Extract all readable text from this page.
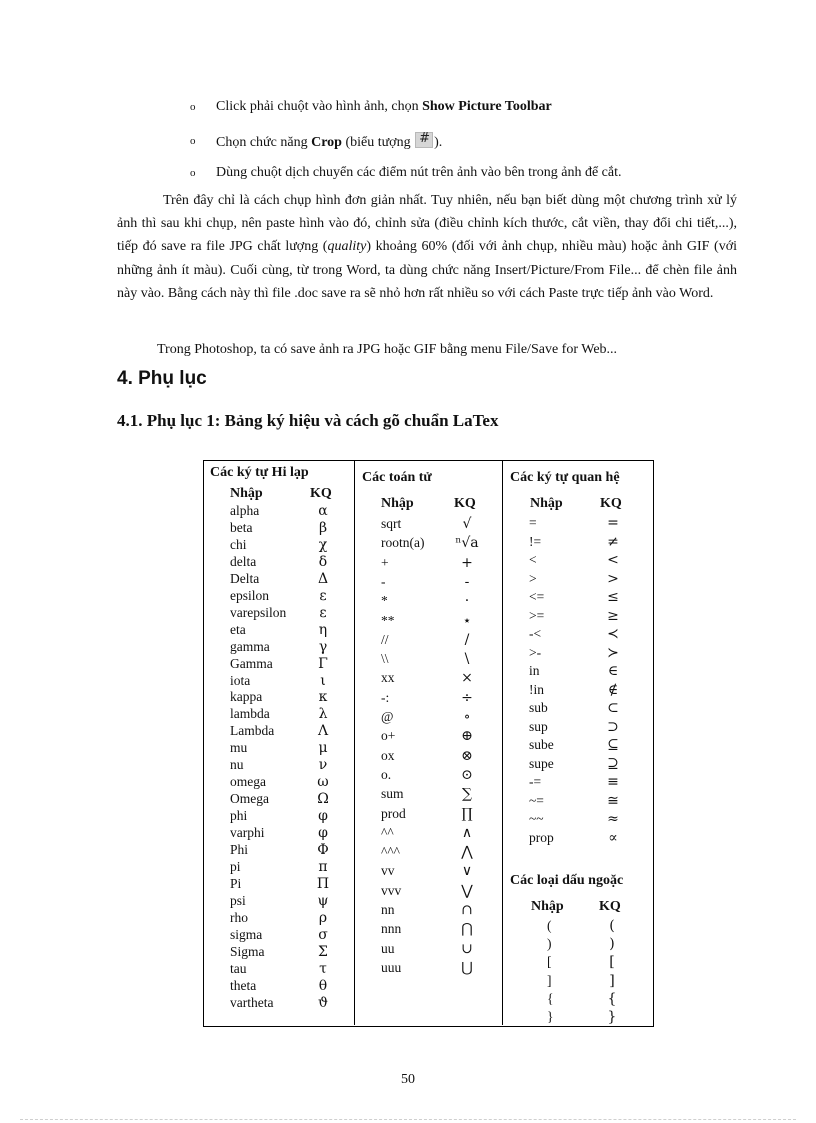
o Click phải chuột vào hình ảnh, chọn Show Picture Toolbar
o Chọn chức năng Crop (biểu tượng #).
o Dùng chuột dịch chuyển các điểm nút trên ảnh vào bên trong ảnh để cắt.

Trên đây chỉ là cách chụp hình đơn giản nhất. Tuy nhiên, nếu bạn biết dùng một chương trình xử lý ảnh thì sau khi chụp, nên paste hình vào đó, chỉnh sửa (điều chỉnh kích thước, cắt viền, thay đổi chi tiết,...), tiếp đó save ra file JPG chất lượng (quality) khoảng 60% (đối với ảnh chụp, nhiều màu) hoặc ảnh GIF (với những ảnh ít màu). Cuối cùng, từ trong Word, ta dùng chức năng Insert/Picture/From File... để chèn file ảnh này vào. Bằng cách này thì file .doc save ra sẽ nhỏ hơn rất nhiều so với cách Paste trực tiếp ảnh vào Word.

Trong Photoshop, ta có save ảnh ra JPG hoặc GIF bằng menu File/Save for Web...

4. Phụ lục
4.1. Phụ lục 1: Bảng ký hiệu và cách gõ chuẩn LaTex
Các ký tự Hi lạp
Nhập	KQ
alpha	α
beta	β
chi	χ
delta	δ
Delta	Δ
epsilon	ε
varepsilon	ε
eta	η
gamma	γ
Gamma	Γ
iota	ι
kappa	κ
lambda	λ
Lambda	Λ
mu	μ
nu	ν
omega	ω
Omega	Ω
phi	φ
varphi	φ
Phi	Φ
pi	π
Pi	Π
psi	ψ
rho	ρ
sigma	σ
Sigma	Σ
tau	τ
theta	θ
vartheta	ϑ
Các toán tử
Nhập	KQ
sqrt	√
rootn(a) ⁿ√a
+	+
-	-
*	·
**	⋆
//	/
\\	\
xx	×
-:	÷
@	∘
o+	⊕
ox	⊗
o.	⊙
sum	∑
prod	∏
^^	∧
^^^	⋀
vv	∨
vvv	⋁
nn	∩
nnn	⋂
uu	∪
uuu	⋃
Các ký tự quan hệ
Nhập	KQ
=	=
!=	≠
<	<
>	>
<=	≤
>=	≥
-<	≺
>-	≻
in	∈
!in	∉
sub	⊂
sup	⊃
sube	⊆
supe	⊇
-=	≡
~=	≅
~~	≈
prop	∝
Các loại dấu ngoặc
Nhập	KQ
(	(
)	)
[	[
]	]
{	{
}	}
50
